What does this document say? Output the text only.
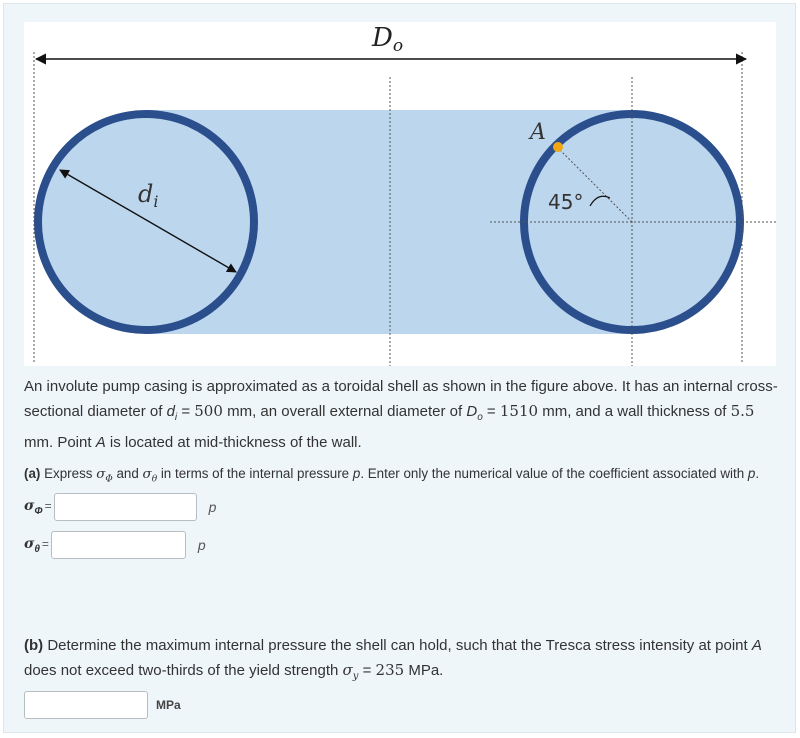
Do
$d_i$
A
45°
An involute pump casing is approximated as a toroidal shell as shown in the figure above. It has an internal cross-sectional diameter of $d_i = 500$ mm, an overall external diameter of $D_o = 1510$ mm, and a wall thickness of 5.5 mm. Point A is located at mid-thickness of the wall.
(a) Express $\sigma_\Phi$ and $\sigma_\theta$ in terms of the internal pressure p. Enter only the numerical value of the coefficient associated with p.
$\sigma_\Phi$ =	p
$\sigma_\theta$ =	p
(b) Determine the maximum internal pressure the shell can hold, such that the Tresca stress intensity at point A does not exceed two-thirds of the yield strength $\sigma_y = 235$ MPa.
MPa
